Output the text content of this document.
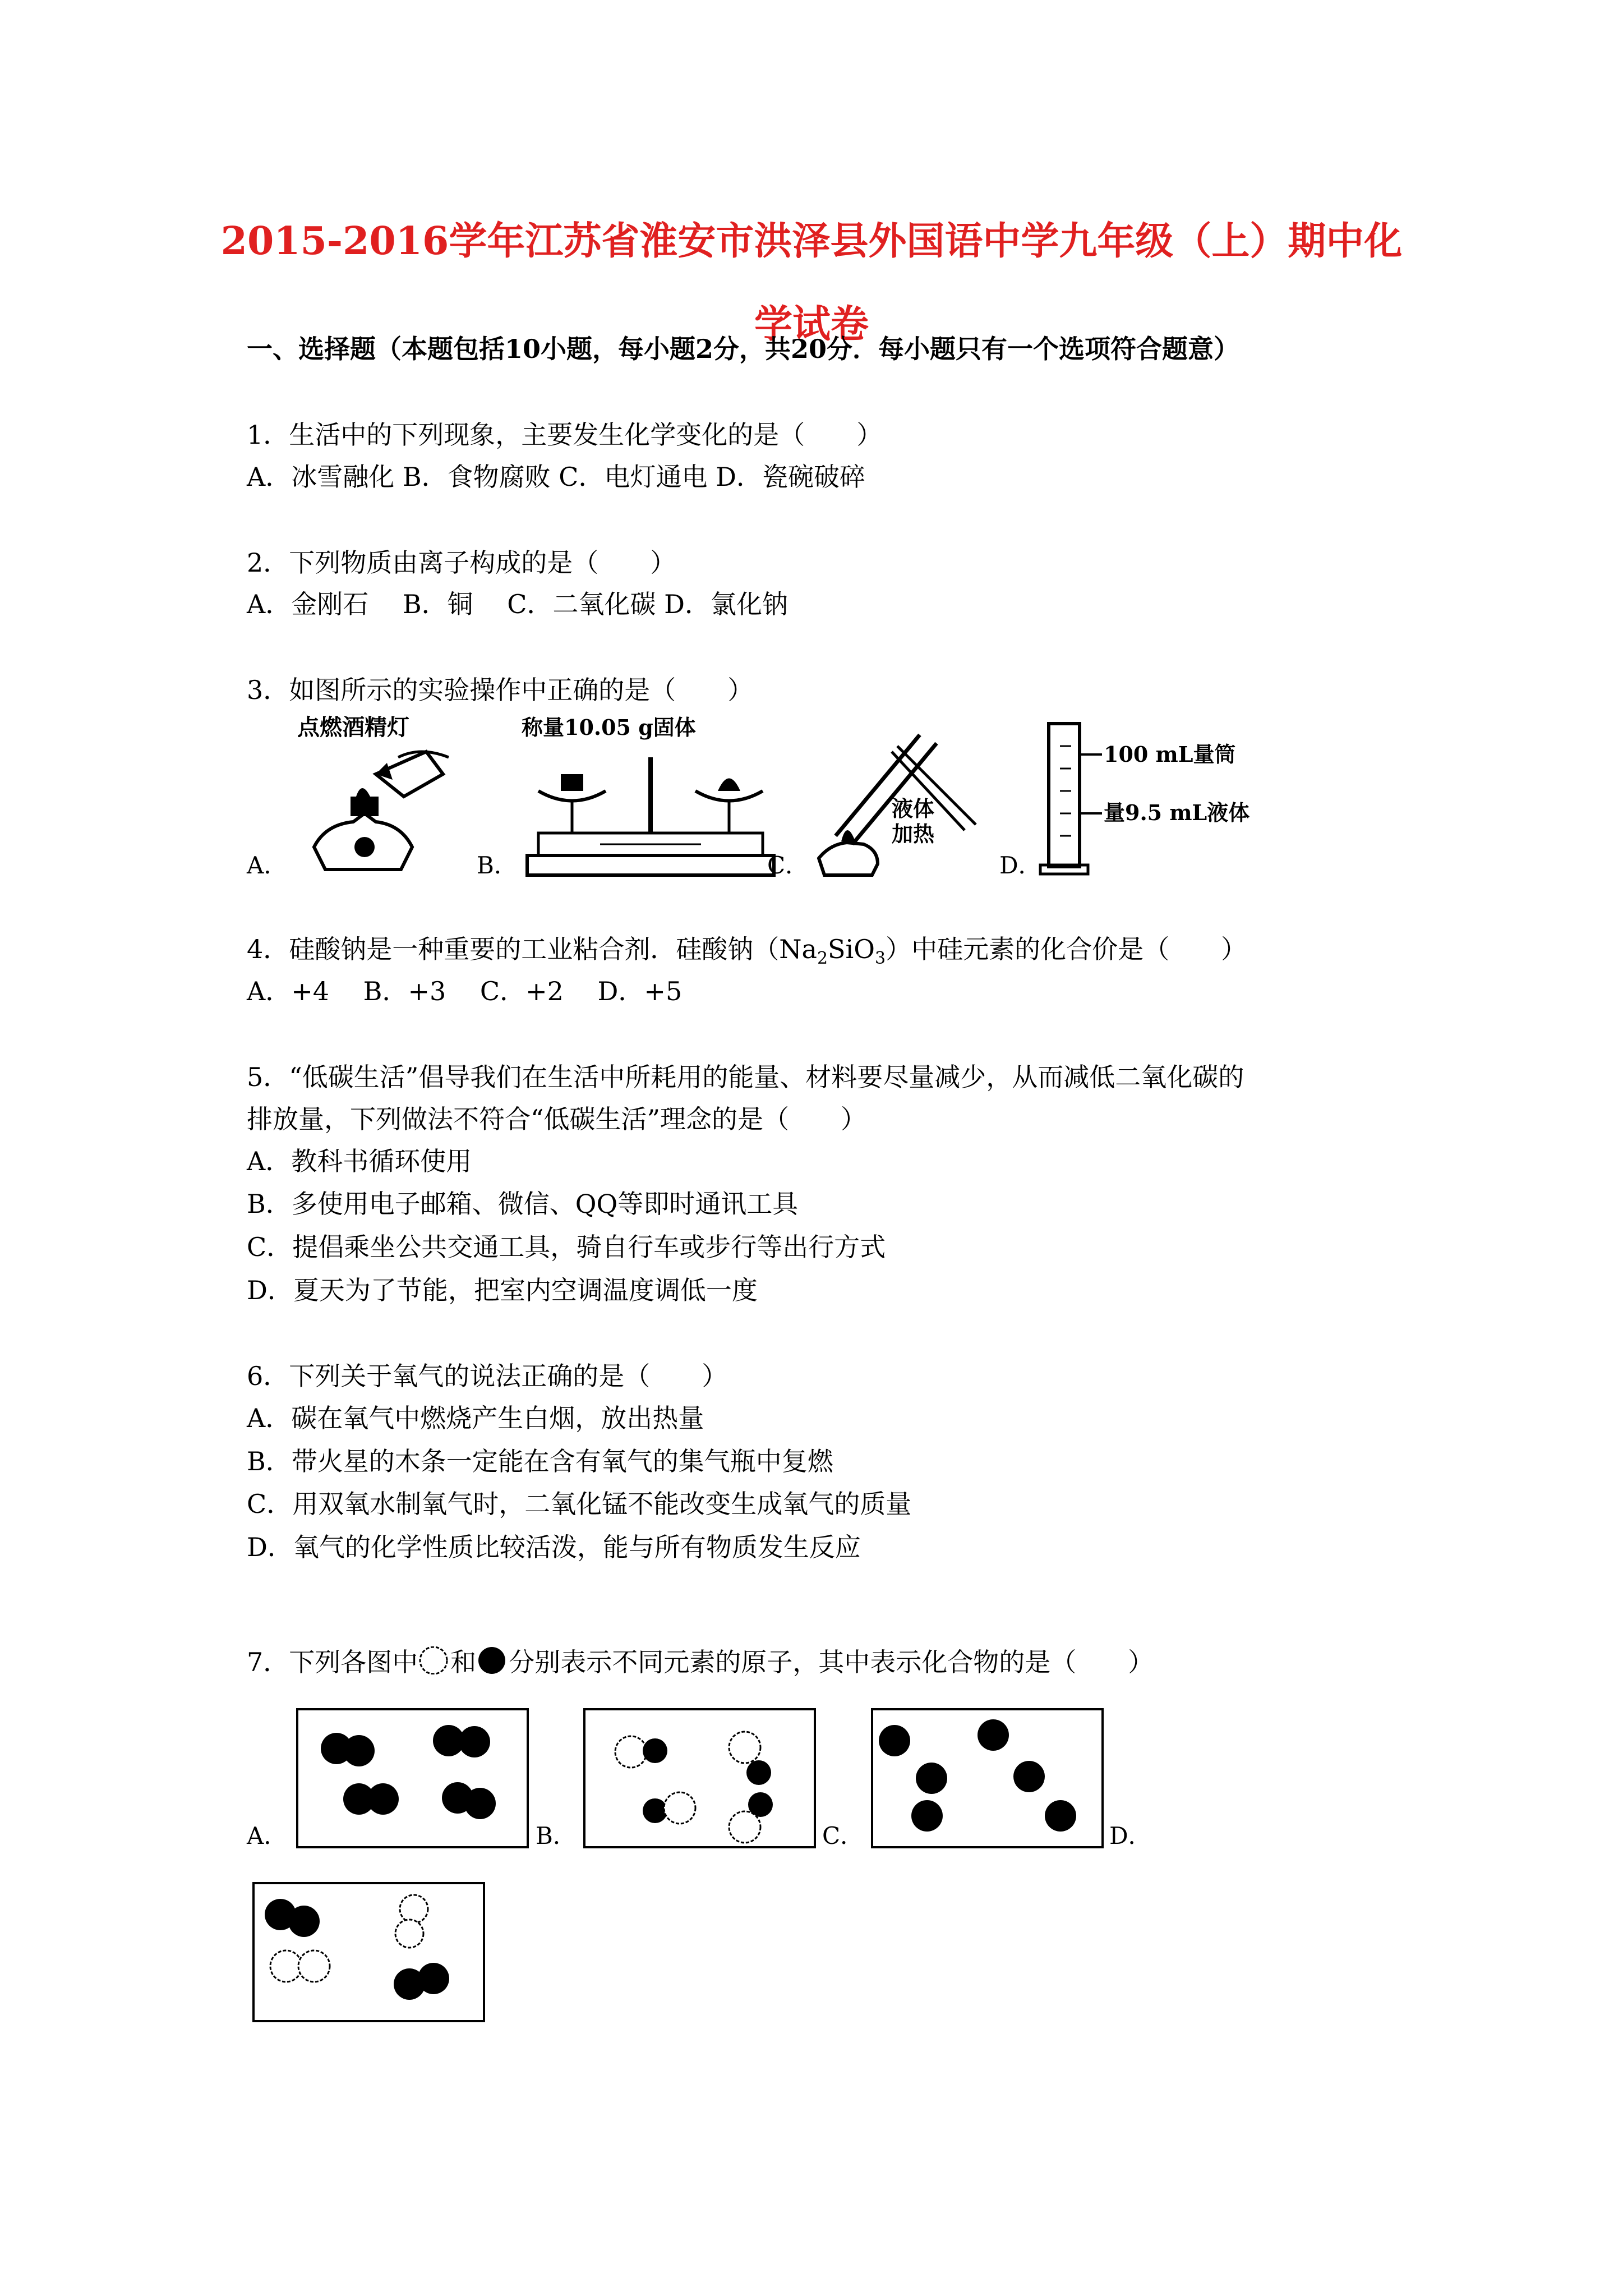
2015-2016学年江苏省淮安市洪泽县外国语中学九年级（上）期中化
学试卷
一、选择题（本题包括10小题，每小题2分，共20分．每小题只有一个选项符合题意）
1．生活中的下列现象，主要发生化学变化的是（　　）
A．冰雪融化 B．食物腐败 C．电灯通电 D．瓷碗破碎
2．下列物质由离子构成的是（　　）
A．金刚石　 B．铜　 C．二氧化碳 D．氯化钠
3．如图所示的实验操作中正确的是（　　）
点燃酒精灯
A．
称量10.05 g固体
B．
液体
加热
C．
100 mL量筒
量9.5 mL液体
D．
4．硅酸钠是一种重要的工业粘合剂．硅酸钠$(Na_2SiO_3)$中硅元素的化合价是（　　）
A．+4　 B．+3　 C．+2　 D．+5
5．“低碳生活”倡导我们在生活中所耗用的能量、材料要尽量减少，从而减低二氧化碳的
排放量，下列做法不符合“低碳生活”理念的是（　　）
A．教科书循环使用
B．多使用电子邮箱、微信、QQ等即时通讯工具
C．提倡乘坐公共交通工具，骑自行车或步行等出行方式
D．夏天为了节能，把室内空调温度调低一度
6．下列关于氧气的说法正确的是（　　）
A．碳在氧气中燃烧产生白烟，放出热量
B．带火星的木条一定能在含有氧气的集气瓶中复燃
C．用双氧水制氧气时，二氧化锰不能改变生成氧气的质量
D．氧气的化学性质比较活泼，能与所有物质发生反应
7．下列各图中 和 分别表示不同元素的原子，其中表示化合物的是（　　）
A．	B．	C．	D．
